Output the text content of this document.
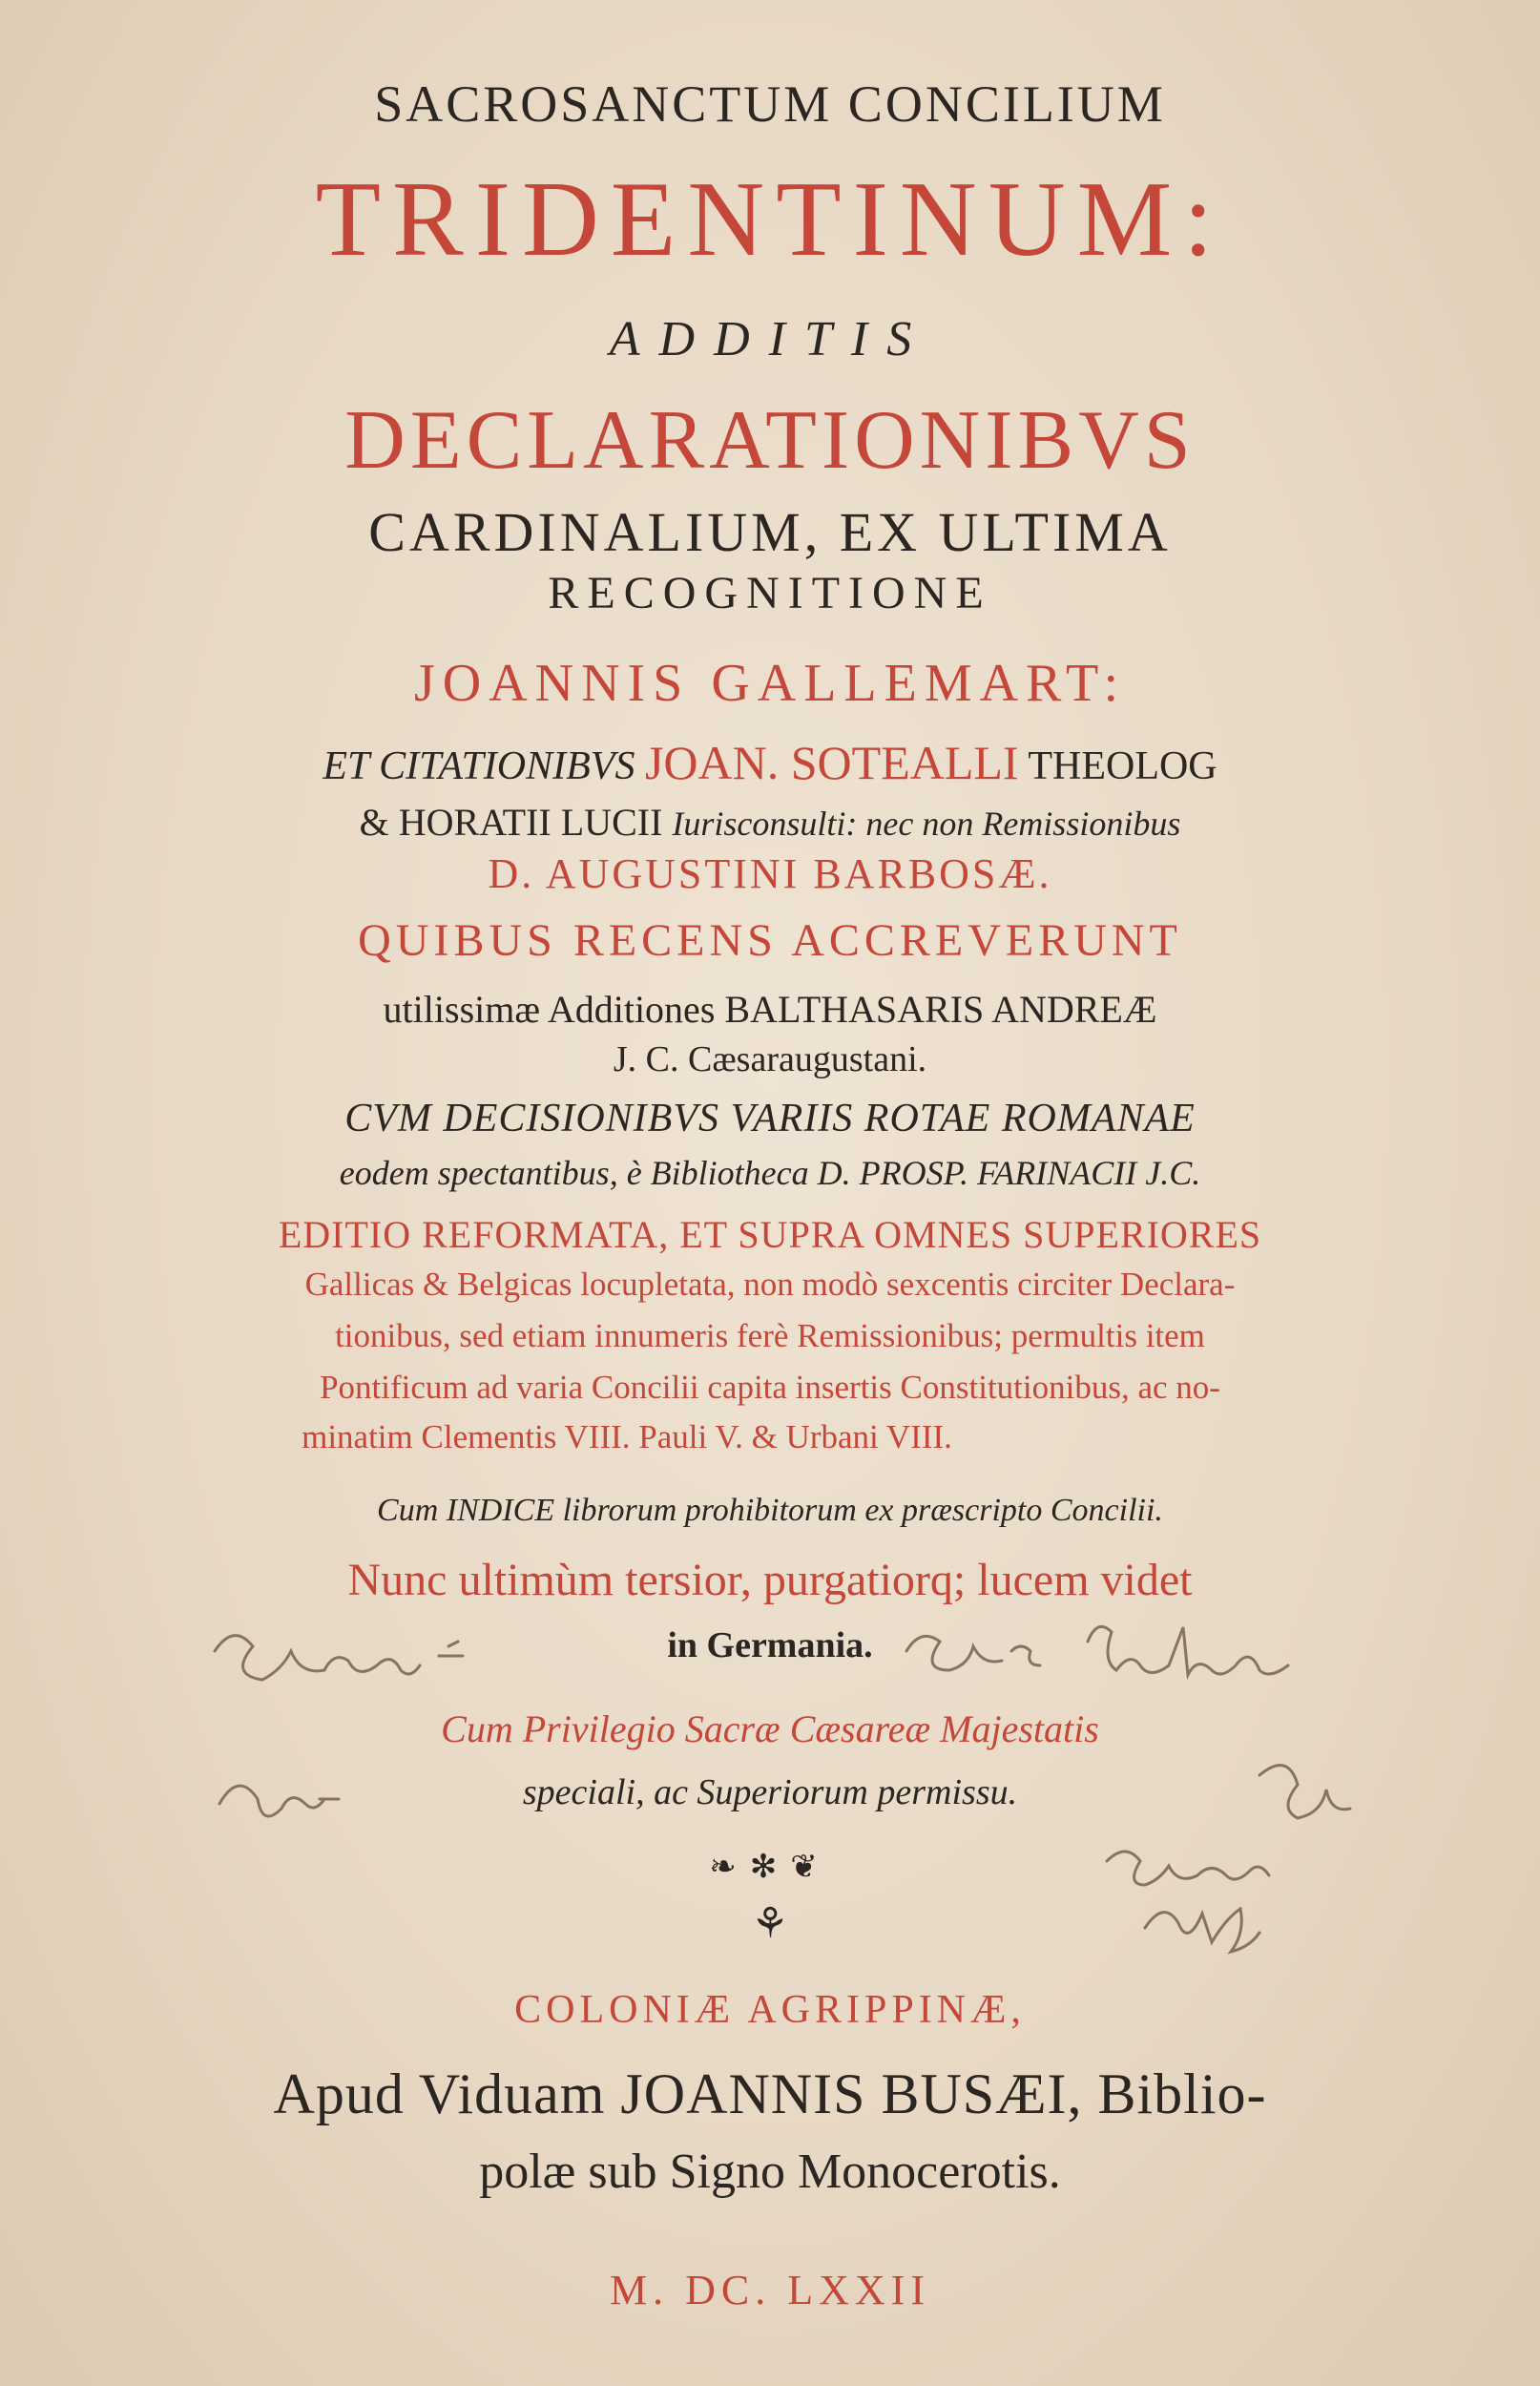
SACROSANCTUM CONCILIUM
TRIDENTINUM:
ADDITIS
DECLARATIONIBVS
CARDINALIUM, EX ULTIMA
RECOGNITIONE
JOANNIS GALLEMART:
ET CITATIONIBVS JOAN. SOTEALLI THEOLOG
& HORATII LUCII Iurisconsulti: nec non Remissionibus
D. AUGUSTINI BARBOSÆ.
QUIBUS RECENS ACCREVERUNT
utilissimæ Additiones BALTHASARIS ANDREÆ
J. C. Cæsaraugustani.
CVM DECISIONIBVS VARIIS ROTAE ROMANAE
eodem spectantibus, è Bibliotheca D. PROSP. FARINACII J.C.
EDITIO REFORMATA, ET SUPRA OMNES SUPERIORES
Gallicas & Belgicas locupletata, non modò sexcentis circiter Declara-
tionibus, sed etiam innumeris ferè Remissionibus; permultis item
Pontificum ad varia Concilii capita insertis Constitutionibus, ac no-
minatim Clementis VIII. Pauli V. & Urbani VIII.
Cum INDICE librorum prohibitorum ex præscripto Concilii.
Nunc ultimùm tersior, purgatiorq; lucem videt
in Germania.
Cum Privilegio Sacræ Cæsareæ Majestatis
speciali, ac Superiorum permissu.
❧✻❦
⚘
COLONIÆ AGRIPPINÆ,
Apud Viduam JOANNIS BUSÆI, Biblio-
polæ sub Signo Monocerotis.
M. DC. LXXII
